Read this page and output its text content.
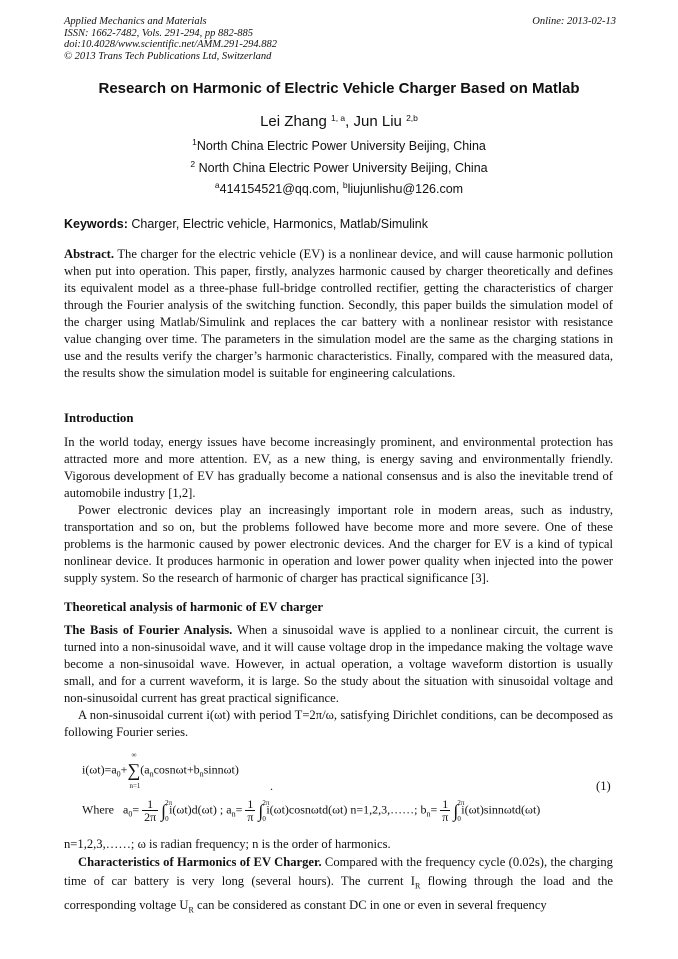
Applied Mechanics and Materials
ISSN: 1662-7482, Vols. 291-294, pp 882-885
doi:10.4028/www.scientific.net/AMM.291-294.882
© 2013 Trans Tech Publications Ltd, Switzerland
Online: 2013-02-13
Research on Harmonic of Electric Vehicle Charger Based on Matlab
Lei Zhang $^{1, a}$, Jun Liu $^{2,b}$
$^1$North China Electric Power University Beijing, China
$^2$ North China Electric Power University Beijing, China
$^a$414154521@qq.com, $^b$liujunlishu@126.com
Keywords: Charger, Electric vehicle, Harmonics, Matlab/Simulink

Abstract. The charger for the electric vehicle (EV) is a nonlinear device, and will cause harmonic pollution when put into operation. This paper, firstly, analyzes harmonic caused by charger theoretically and defines its equivalent model as a three-phase full-bridge controlled rectifier, getting the characteristics of charger through the Fourier analysis of the switching function. Secondly, this paper builds the simulation model of the charger using Matlab/Simulink and replaces the car battery with a nonlinear resistor with resistance value changing over time. The parameters in the simulation model are the same as the charging stations in use and the results verify the charger’s harmonic characteristics. Finally, compared with the measured data, the results show the simulation model is suitable for engineering calculations.

Introduction

In the world today, energy issues have become increasingly prominent, and environmental protection has attracted more and more attention. EV, as a new thing, is energy saving and environmentally friendly. Vigorous development of EV has gradually become a national consensus and is also the inevitable trend of automobile industry [1,2].

Power electronic devices play an increasingly important role in modern areas, such as industry, transportation and so on, but the problems followed have become more and more severe. One of these problems is the harmonic caused by power electronic devices. And the charger for EV is a kind of typical nonlinear device. It produces harmonic in operation and lower power quality when injected into the power supply system. So the research of harmonic of charger has practical significance [3].

Theoretical analysis of harmonic of EV charger

The Basis of Fourier Analysis. When a sinusoidal wave is applied to a nonlinear circuit, the current is turned into a non-sinusoidal wave, and it will cause voltage drop in the impedance making the voltage wave become a non-sinusoidal wave. However, in actual operation, a voltage waveform distortion is usually small, and for a current waveform, it is large. So the study about the situation with sinusoidal voltage and non-sinusoidal current has great practical significance.

A non-sinusoidal current i(ωt) with period T=2π/ω, satisfying Dirichlet conditions, can be decomposed as following Fourier series.

$i(\omega t)=a_0+\sum$
∞
n=1
$(a_n\cos n\omega t+b_n\sin n\omega t)$
.	(1)
Where $a_0= \frac{1}{2\pi}$ ∫ 2π
0
i(ωt)d(ωt) ; $a_n= \frac{1}{\pi}$ ∫ 2π
0
i(ωt)cosnωtd(ωt) n=1,2,3,……; $b_n= \frac{1}{\pi}$ ∫ 2π
0
i(ωt)sinnωtd(ωt)

n=1,2,3,……; ω is radian frequency; n is the order of harmonics.

Characteristics of Harmonics of EV Charger. Compared with the frequency cycle (0.02s), the charging time of car battery is very long (several hours). The current $I_R$ flowing through the load and the corresponding voltage $U_R$ can be considered as constant DC in one or even in several frequency
